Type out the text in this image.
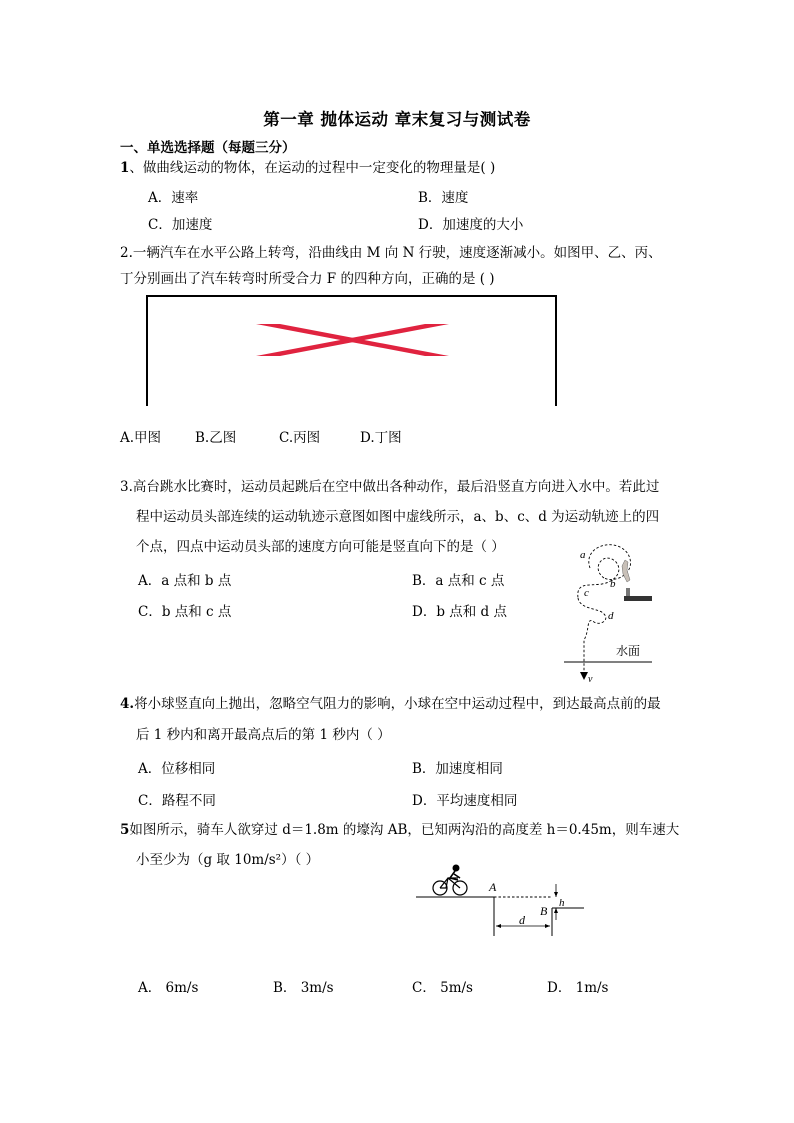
第一章 抛体运动 章末复习与测试卷
一、单选选择题（每题三分）
1、做曲线运动的物体，在运动的过程中一定变化的物理量是( )
A．速率	B．速度
C．加速度	D．加速度的大小
2.一辆汽车在水平公路上转弯，沿曲线由 M 向 N 行驶，速度逐渐减小。如图甲、乙、丙、
丁分别画出了汽车转弯时所受合力 F 的四种方向，正确的是 ( )
A.甲图	B.乙图	C.丙图	D.丁图
3.高台跳水比赛时，运动员起跳后在空中做出各种动作，最后沿竖直方向进入水中。若此过
程中运动员头部连续的运动轨迹示意图如图中虚线所示，a、b、c、d 为运动轨迹上的四
个点，四点中运动员头部的速度方向可能是竖直向下的是（ ）
A．a 点和 b 点	B．a 点和 c 点
C．b 点和 c 点	D．b 点和 d 点
a
b
c
d
水面
v
4.将小球竖直向上抛出，忽略空气阻力的影响，小球在空中运动过程中，到达最高点前的最
后 1 秒内和离开最高点后的第 1 秒内（ ）
A．位移相同	B．加速度相同
C．路程不同	D．平均速度相同
5如图所示，骑车人欲穿过 d＝1.8m 的壕沟 AB，已知两沟沿的高度差 h＝0.45m，则车速大
小至少为（g 取 10m/s²）（ ）
A
B
d
h
A． 6m/s	B． 3m/s	C． 5m/s	D． 1m/s
